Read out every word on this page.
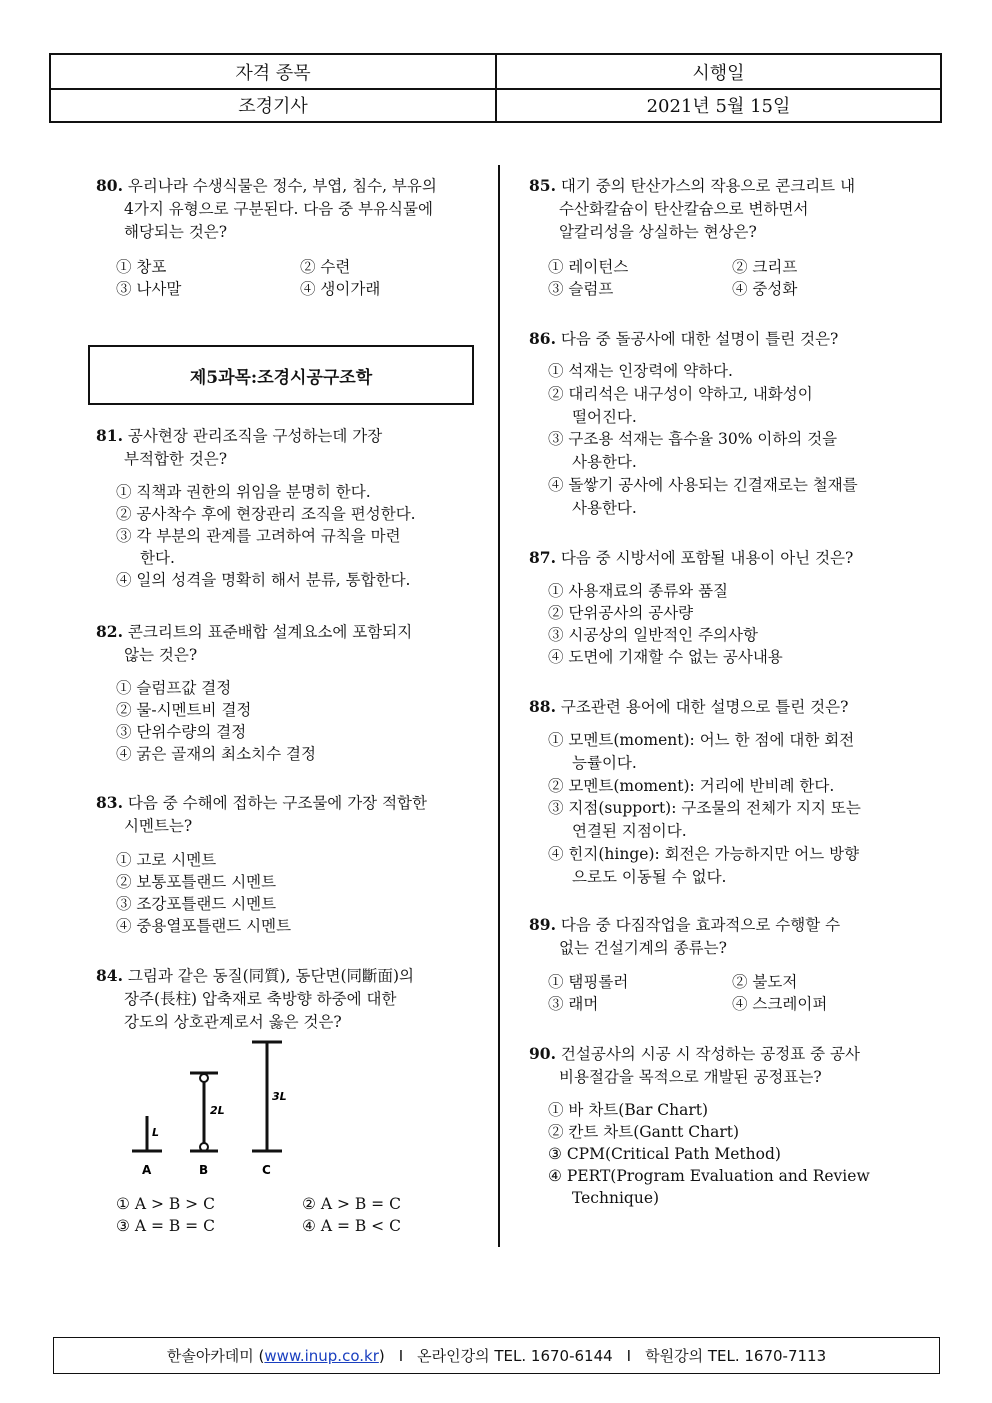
자격 종목	시행일
조경기사	2021년 5월 15일
80. 우리나라 수생식물은 정수, 부엽, 침수, 부유의
4가지 유형으로 구분된다. 다음 중 부유식물에
해당되는 것은?
① 창포	② 수련
③ 나사말	④ 생이가래
제5과목:조경시공구조학
81. 공사현장 관리조직을 구성하는데 가장
부적합한 것은?
① 직책과 권한의 위임을 분명히 한다.
② 공사착수 후에 현장관리 조직을 편성한다.
③ 각 부분의 관계를 고려하여 규칙을 마련
한다.
④ 일의 성격을 명확히 해서 분류, 통합한다.
82. 콘크리트의 표준배합 설계요소에 포함되지
않는 것은?
① 슬럼프값 결정
② 물-시멘트비 결정
③ 단위수량의 결정
④ 굵은 골재의 최소치수 결정
83. 다음 중 수해에 접하는 구조물에 가장 적합한
시멘트는?
① 고로 시멘트
② 보통포틀랜드 시멘트
③ 조강포틀랜드 시멘트
④ 중용열포틀랜드 시멘트
84. 그림과 같은 동질(同質), 동단면(同斷面)의
장주(長柱) 압축재로 축방향 하중에 대한
강도의 상호관계로서 옳은 것은?
L
A
2L
B
3L
C
① A > B > C	② A > B = C
③ A = B = C	④ A = B < C
85. 대기 중의 탄산가스의 작용으로 콘크리트 내
수산화칼슘이 탄산칼슘으로 변하면서
알칼리성을 상실하는 현상은?
① 레이턴스	② 크리프
③ 슬럼프	④ 중성화
86. 다음 중 돌공사에 대한 설명이 틀린 것은?
① 석재는 인장력에 약하다.
② 대리석은 내구성이 약하고, 내화성이
떨어진다.
③ 구조용 석재는 흡수율 30% 이하의 것을
사용한다.
④ 돌쌓기 공사에 사용되는 긴결재로는 철재를
사용한다.
87. 다음 중 시방서에 포함될 내용이 아닌 것은?
① 사용재료의 종류와 품질
② 단위공사의 공사량
③ 시공상의 일반적인 주의사항
④ 도면에 기재할 수 없는 공사내용
88. 구조관련 용어에 대한 설명으로 틀린 것은?
① 모멘트(moment): 어느 한 점에 대한 회전
능률이다.
② 모멘트(moment): 거리에 반비례 한다.
③ 지점(support): 구조물의 전체가 지지 또는
연결된 지점이다.
④ 힌지(hinge): 회전은 가능하지만 어느 방향
으로도 이동될 수 없다.
89. 다음 중 다짐작업을 효과적으로 수행할 수
없는 건설기계의 종류는?
① 탬핑롤러	② 불도저
③ 래머	④ 스크레이퍼
90. 건설공사의 시공 시 작성하는 공정표 중 공사
비용절감을 목적으로 개발된 공정표는?
① 바 차트(Bar Chart)
② 칸트 차트(Gantt Chart)
③ CPM(Critical Path Method)
④ PERT(Program Evaluation and Review
Technique)
한솔아카데미 ( www.inup.co.kr ) I 온라인강의 TEL. 1670-6144 I 학원강의 TEL. 1670-7113
